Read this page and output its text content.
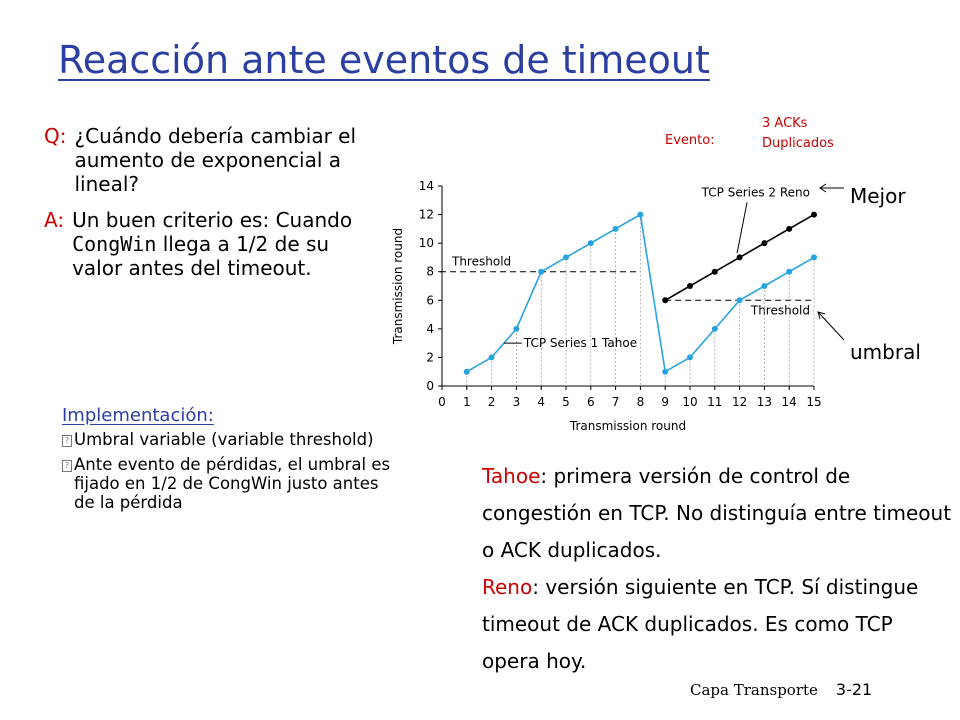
Reacción ante eventos de timeout
Q: ¿Cuándo debería cambiar el aumento de exponencial a lineal?
A: Un buen criterio es: Cuando CongWin llega a 1/2 de su valor antes del timeout.
Evento:
3 ACKs
Duplicados
0
2
4
6
8
10
12
14
0 1 2 3 4 5 6 7 8 9 10 11 12 13 14 15
Transmission round
Transmission round	Threshold
Threshold
TCP Series 1 Tahoe
TCP Series 2 Reno Mejor
umbral
Implementación:
? Umbral variable (variable threshold)
? Ante evento de pérdidas, el umbral es fijado en 1/2 de CongWin justo antes de la pérdida
Tahoe: primera versión de control de congestión en TCP. No distinguía entre timeout o ACK duplicados.
Reno: versión siguiente en TCP. Sí distingue timeout de ACK duplicados. Es como TCP opera hoy.
Capa Transporte 3-21
